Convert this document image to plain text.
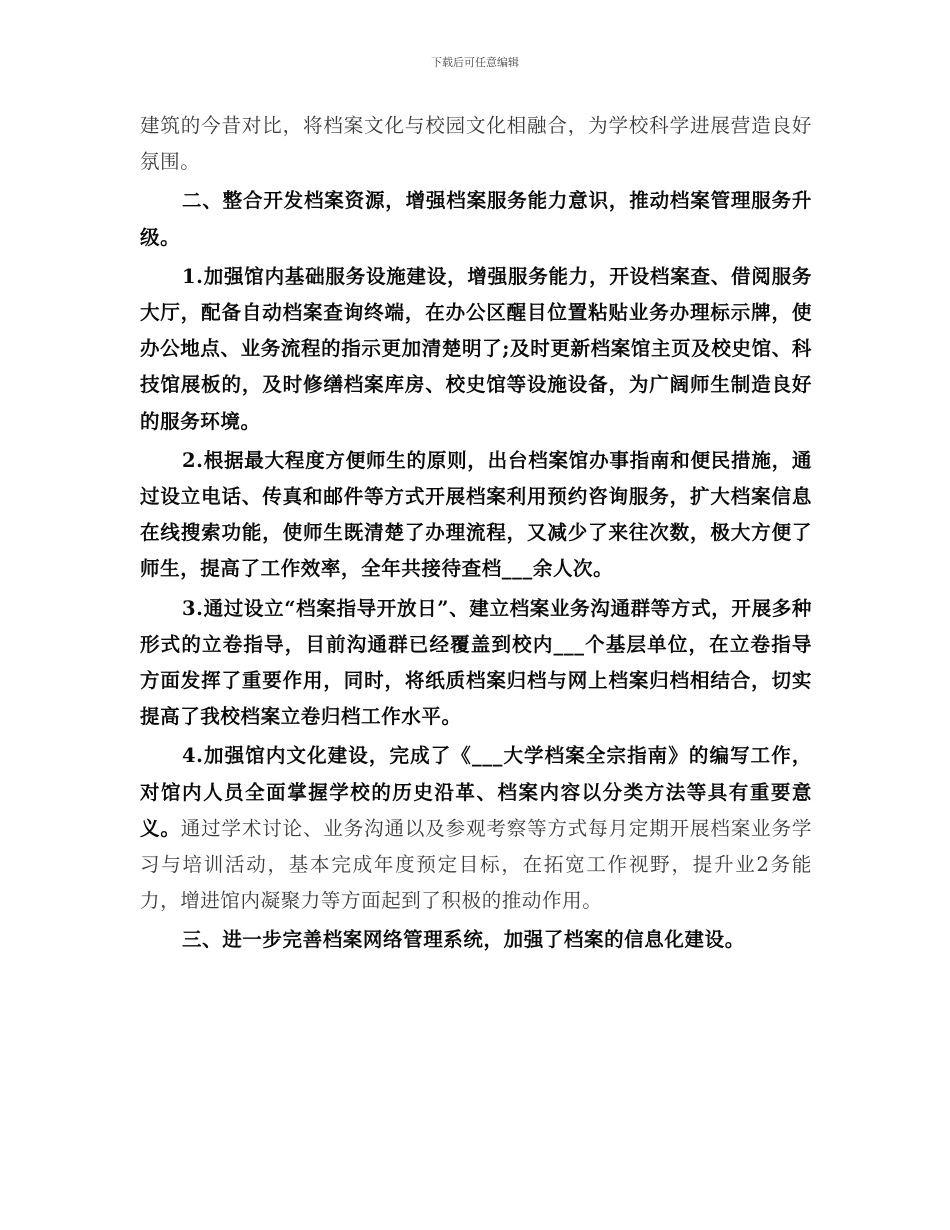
下载后可任意编辑

建筑的今昔对比，将档案文化与校园文化相融合，为学校科学进展营造良好氛围。

二、整合开发档案资源，增强档案服务能力意识，推动档案管理服务升级。

1.加强馆内基础服务设施建设，增强服务能力，开设档案查、借阅服务大厅，配备自动档案查询终端，在办公区醒目位置粘贴业务办理标示牌，使办公地点、业务流程的指示更加清楚明了;及时更新档案馆主页及校史馆、科技馆展板的，及时修缮档案库房、校史馆等设施设备，为广阔师生制造良好的服务环境。

2.根据最大程度方便师生的原则，出台档案馆办事指南和便民措施，通过设立电话、传真和邮件等方式开展档案利用预约咨询服务，扩大档案信息在线搜索功能，使师生既清楚了办理流程，又减少了来往次数，极大方便了师生，提高了工作效率，全年共接待查档___余人次。

3.通过设立“档案指导开放日”、建立档案业务沟通群等方式，开展多种形式的立卷指导，目前沟通群已经覆盖到校内___个基层单位，在立卷指导方面发挥了重要作用，同时，将纸质档案归档与网上档案归档相结合，切实提高了我校档案立卷归档工作水平。

4.加强馆内文化建设，完成了《___大学档案全宗指南》的编写工作，对馆内人员全面掌握学校的历史沿革、档案内容以分类方法等具有重要意义。通过学术讨论、业务沟通以及参观考察等方式每月定期开展档案业务学习与培训活动，基本完成年度预定目标，在拓宽工作视野，提升业2务能力，增进馆内凝聚力等方面起到了积极的推动作用。

三、进一步完善档案网络管理系统，加强了档案的信息化建设。
